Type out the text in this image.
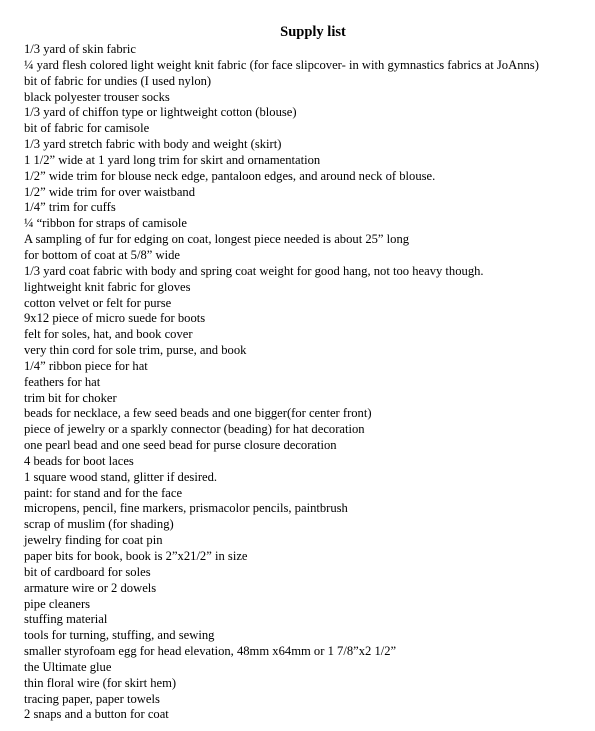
Supply list
1/3 yard of skin fabric
¼ yard flesh colored light weight knit fabric (for face slipcover- in with gymnastics fabrics at JoAnns)
bit of fabric for undies (I used nylon)
black polyester trouser socks
1/3 yard of chiffon type or lightweight cotton (blouse)
bit of fabric for camisole
1/3 yard stretch fabric with body and weight (skirt)
1 1/2” wide at 1 yard long trim for skirt and ornamentation
1/2” wide trim for blouse neck edge, pantaloon edges, and around neck of blouse.
1/2” wide trim for over waistband
1/4” trim for cuffs
¼ “ribbon for straps of camisole
A sampling of fur for edging on coat, longest piece needed is about 25” long
for bottom of coat at 5/8” wide
1/3 yard coat fabric with body and spring coat weight for good hang, not too heavy though.
lightweight knit fabric for gloves
cotton velvet or felt for purse
9x12 piece of micro suede for boots
felt for soles, hat, and book cover
very thin cord for sole trim, purse, and book
1/4” ribbon piece for hat
feathers for hat
trim bit for choker
beads for necklace, a few seed beads and one bigger(for center front)
piece of jewelry or a sparkly connector (beading) for hat decoration
one pearl bead and one seed bead for purse closure decoration
4 beads for boot laces
1 square wood stand, glitter if desired.
paint: for stand and for the face
micropens, pencil, fine markers, prismacolor pencils, paintbrush
scrap of muslim (for shading)
jewelry finding for coat pin
paper bits for book, book is 2”x21/2” in size
bit of cardboard for soles
armature wire or 2 dowels
pipe cleaners
stuffing material
tools for turning, stuffing, and sewing
smaller styrofoam egg for head elevation, 48mm x64mm or 1 7/8”x2 1/2”
the Ultimate glue
thin floral wire (for skirt hem)
tracing paper, paper towels
2 snaps and a button for coat
